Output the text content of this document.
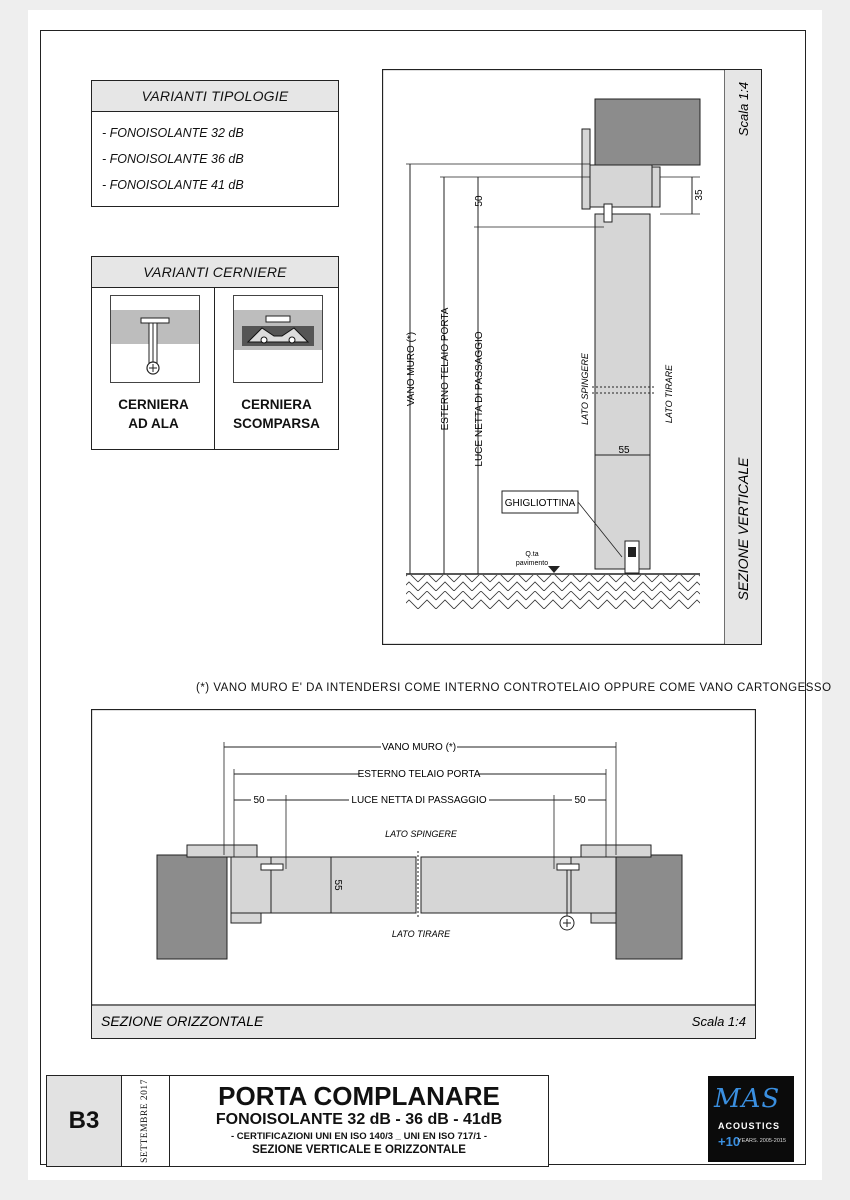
VARIANTI TIPOLOGIE
- FONOISOLANTE 32 dB
- FONOISOLANTE 36 dB
- FONOISOLANTE 41 dB
VARIANTI CERNIERE
CERNIERA
AD ALA
CERNIERA
SCOMPARSA
Scala 1:4
SEZIONE VERTICALE
50
35
VANO MURO (*) ESTERNO TELAIO PORTA LUCE NETTA DI PASSAGGIO	LATO SPINGERE	LATO TIRARE
55
GHIGLIOTTINA
Q.ta
pavimento
(*) VANO MURO E' DA INTENDERSI COME INTERNO CONTROTELAIO OPPURE COME VANO CARTONGESSO
SEZIONE ORIZZONTALE	Scala 1:4
VANO MURO (*)
ESTERNO TELAIO PORTA
LUCE NETTA DI PASSAGGIO
50	50
55
LATO SPINGERE
LATO TIRARE
B3	SETTEMBRE 2017	PORTA COMPLANARE
FONOISOLANTE 32 dB - 36 dB - 41dB
- CERTIFICAZIONI UNI EN ISO 140/3 _ UNI EN ISO 717/1 -
SEZIONE VERTICALE E ORIZZONTALE
MAS
ACOUSTICS
+10
YEARS. 2005-2015
